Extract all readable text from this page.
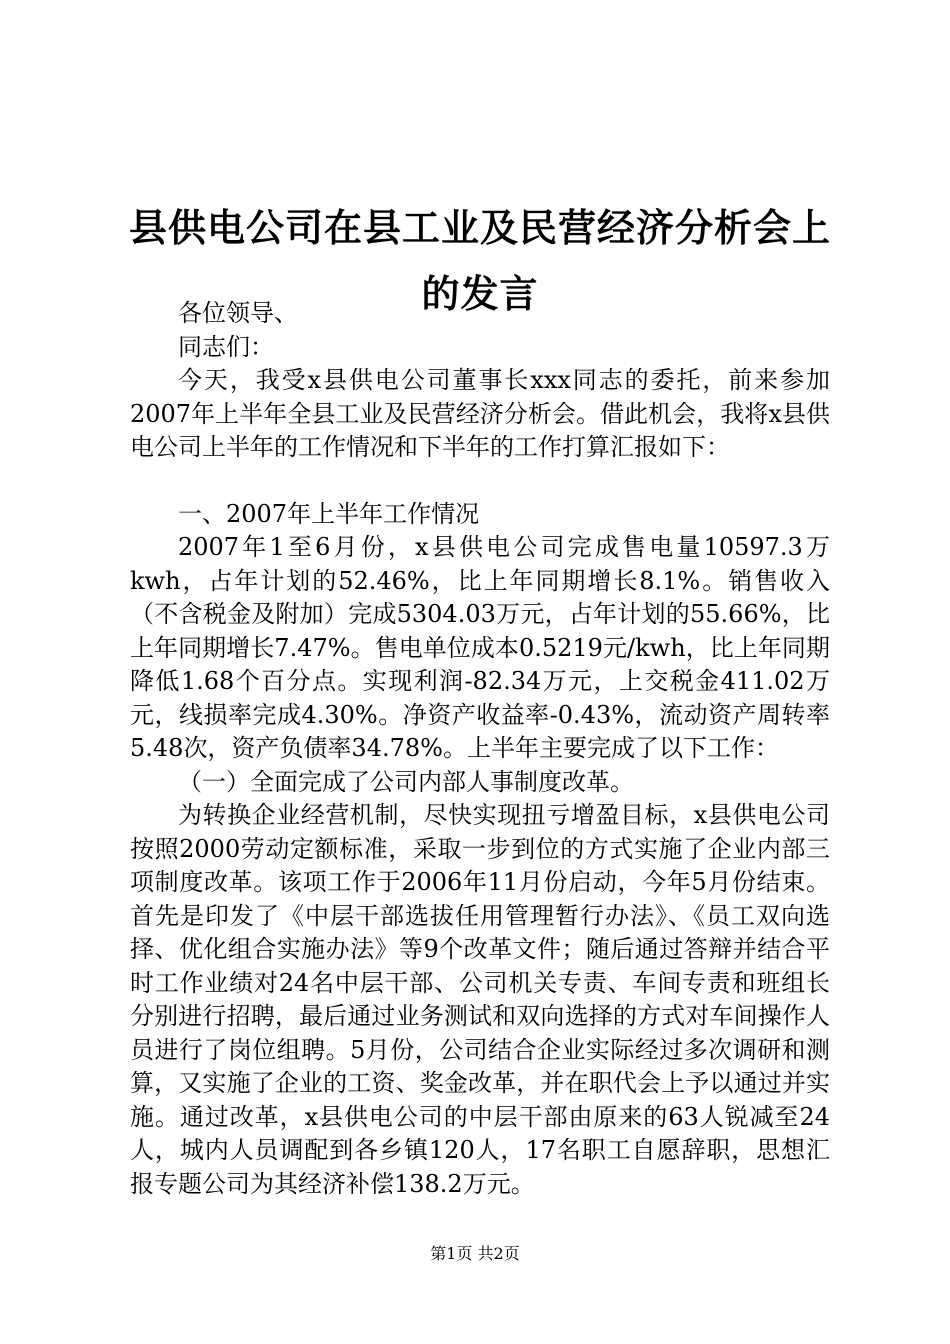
县供电公司在县工业及民营经济分析会上的发言

各位领导、

同志们：

今天，我受x县供电公司董事长xxx同志的委托，前来参加2007年上半年全县工业及民营经济分析会。借此机会，我将x县供电公司上半年的工作情况和下半年的工作打算汇报如下：

一、2007年上半年工作情况

2007年1至6月份，x县供电公司完成售电量10597.3万kwh，占年计划的52.46%，比上年同期增长8.1%。销售收入（不含税金及附加）完成5304.03万元，占年计划的55.66%，比上年同期增长7.47%。售电单位成本0.5219元/kwh，比上年同期降低1.68个百分点。实现利润-82.34万元，上交税金411.02万元，线损率完成4.30%。净资产收益率-0.43%，流动资产周转率5.48次，资产负债率34.78%。上半年主要完成了以下工作：

（一）全面完成了公司内部人事制度改革。

为转换企业经营机制，尽快实现扭亏增盈目标，x县供电公司按照2000劳动定额标准，采取一步到位的方式实施了企业内部三项制度改革。该项工作于2006年11月份启动，今年5月份结束。首先是印发了《中层干部选拔任用管理暂行办法》、《员工双向选择、优化组合实施办法》等9个改革文件；随后通过答辩并结合平时工作业绩对24名中层干部、公司机关专责、车间专责和班组长分别进行招聘，最后通过业务测试和双向选择的方式对车间操作人员进行了岗位组聘。5月份，公司结合企业实际经过多次调研和测算，又实施了企业的工资、奖金改革，并在职代会上予以通过并实施。通过改革，x县供电公司的中层干部由原来的63人锐减至24人，城内人员调配到各乡镇120人，17名职工自愿辞职，思想汇报专题公司为其经济补偿138.2万元。

第1页 共2页
